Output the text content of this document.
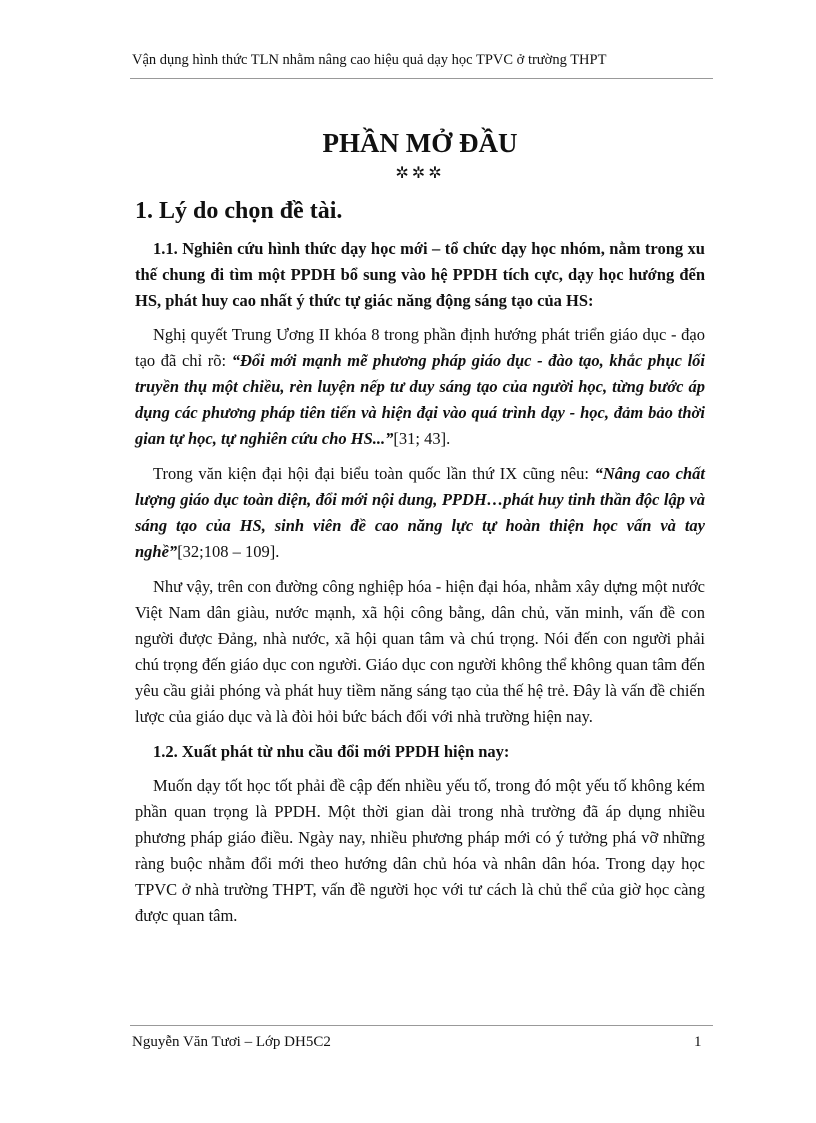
Vận dụng hình thức TLN nhằm nâng cao hiệu quả dạy học TPVC ở trường THPT
PHẦN MỞ ĐẦU
✲✲✲
1. Lý do chọn đề tài.
1.1. Nghiên cứu hình thức dạy học mới – tổ chức dạy học nhóm, nằm trong xu thế chung đi tìm một PPDH bổ sung vào hệ PPDH tích cực, dạy học hướng đến HS, phát huy cao nhất ý thức tự giác năng động sáng tạo của HS:

Nghị quyết Trung Ương II khóa 8 trong phần định hướng phát triển giáo dục - đạo tạo đã chỉ rõ: “Đổi mới mạnh mẽ phương pháp giáo dục - đào tạo, khắc phục lối truyền thụ một chiều, rèn luyện nếp tư duy sáng tạo của người học, từng bước áp dụng các phương pháp tiên tiến và hiện đại vào quá trình dạy - học, đảm bảo thời gian tự học, tự nghiên cứu cho HS...”[31; 43].

Trong văn kiện đại hội đại biểu toàn quốc lần thứ IX cũng nêu: “Nâng cao chất lượng giáo dục toàn diện, đổi mới nội dung, PPDH…phát huy tinh thần độc lập và sáng tạo của HS, sinh viên đề cao năng lực tự hoàn thiện học vấn và tay nghề”[32;108 – 109].

Như vậy, trên con đường công nghiệp hóa - hiện đại hóa, nhằm xây dựng một nước Việt Nam dân giàu, nước mạnh, xã hội công bằng, dân chủ, văn minh, vấn đề con người được Đảng, nhà nước, xã hội quan tâm và chú trọng. Nói đến con người phải chú trọng đến giáo dục con người. Giáo dục con người không thể không quan tâm đến yêu cầu giải phóng và phát huy tiềm năng sáng tạo của thế hệ trẻ. Đây là vấn đề chiến lược của giáo dục và là đòi hỏi bức bách đối với nhà trường hiện nay.

1.2. Xuất phát từ nhu cầu đổi mới PPDH hiện nay:

Muốn dạy tốt học tốt phải đề cập đến nhiều yếu tố, trong đó một yếu tố không kém phần quan trọng là PPDH. Một thời gian dài trong nhà trường đã áp dụng nhiều phương pháp giáo điều. Ngày nay, nhiều phương pháp mới có ý tưởng phá vỡ những ràng buộc nhằm đổi mới theo hướng dân chủ hóa và nhân dân hóa. Trong dạy học TPVC ở nhà trường THPT, vấn đề người học với tư cách là chủ thể của giờ học càng được quan tâm.

Nguyễn Văn Tươi – Lớp DH5C2	1
